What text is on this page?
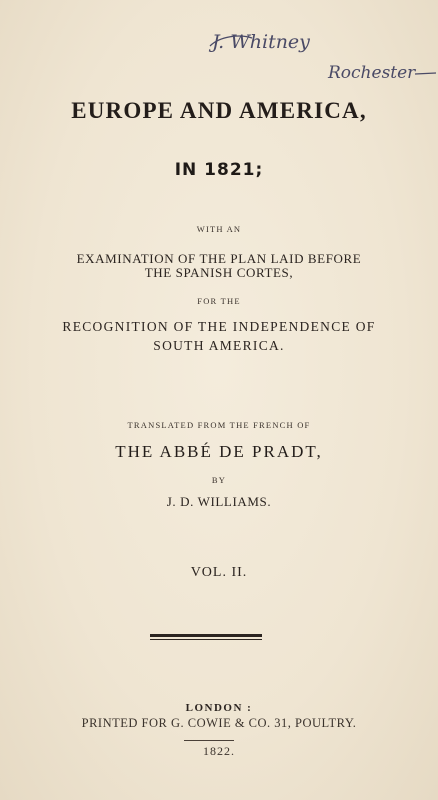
J. Whitney
Rochester
EUROPE AND AMERICA,
IN 1821;
WITH AN
EXAMINATION OF THE PLAN LAID BEFORE
THE SPANISH CORTES,
FOR THE
RECOGNITION OF THE INDEPENDENCE OF
SOUTH AMERICA.
TRANSLATED FROM THE FRENCH OF
THE ABBÉ DE PRADT,
BY
J. D. WILLIAMS.
VOL. II.
LONDON :
PRINTED FOR G. COWIE & CO. 31, POULTRY.
1822.
